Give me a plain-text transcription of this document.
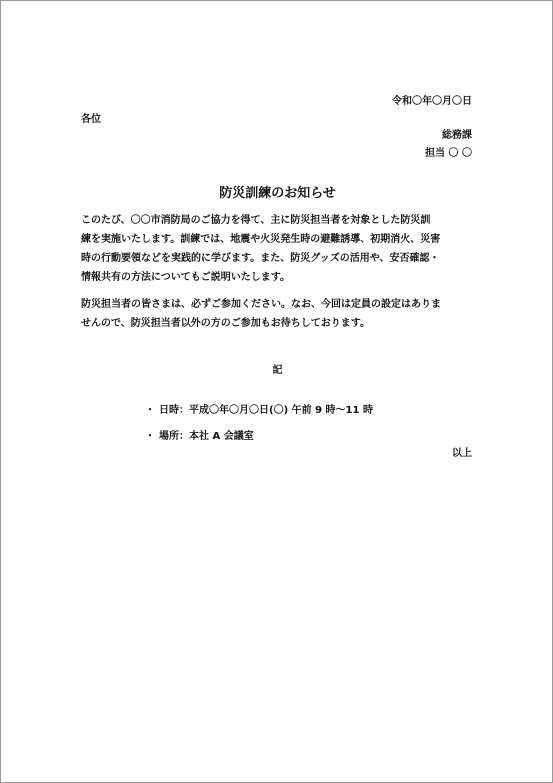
令和〇年〇月〇日
各位
総務課
担当 〇 〇
防災訓練のお知らせ
このたび、〇〇市消防局のご協力を得て、主に防災担当者を対象とした防災訓
練を実施いたします。訓練では、地震や火災発生時の避難誘導、初期消火、災害
時の行動要領などを実践的に学びます。また、防災グッズの活用や、安否確認・
情報共有の方法についてもご説明いたします。
防災担当者の皆さまは、必ずご参加ください。なお、今回は定員の設定はありま
せんので、防災担当者以外の方のご参加もお待ちしております。
記
・ 日時：平成〇年〇月〇日(〇) 午前 9 時～11 時
・ 場所：本社 A 会議室
以上
